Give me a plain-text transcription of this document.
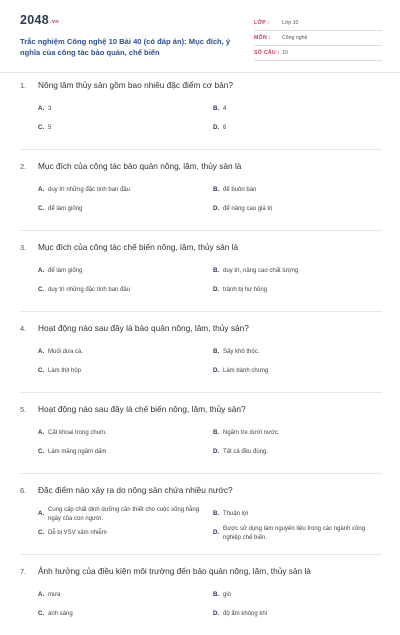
2048.vn
Trắc nghiệm Công nghệ 10 Bài 40 (có đáp án): Mục đích, ý nghĩa của công tác bảo quản, chế biến
LỚP :	Lớp 10
MÔN :	Công nghệ
SỐ CÂU : 10
1.	Nông lâm thủy sản gồm bao nhiêu đặc điểm cơ bản?
A. 3	B. 4
C. 5	D. 6
2.	Mục đích của công tác bảo quản nông, lâm, thủy sản là
A. duy trì những đặc tính ban đầu	B. để buôn bán
C. để làm giống	D. để nâng cao giá trị
3.	Mục đích của công tác chế biến nông, lâm, thủy sản là
A. để làm giống	B. duy trì, nâng cao chất lượng
C. duy trì những đặc tính ban đầu	D. tránh bị hư hỏng
4.	Hoạt động nào sau đây là bảo quản nông, lâm, thủy sản?
A. Muối dưa cà.	B. Sấy khô thóc.
C. Làm thịt hộp	D. Làm bánh chưng
5.	Hoạt động nào sau đây là chế biến nông, lâm, thủy sản?
A. Cất khoai trong chum.	B. Ngâm tre dưới nước.
C. Làm măng ngâm dấm	D. Tất cả đều đúng.
6.	Đặc điểm nào xảy ra do nông sản chứa nhiều nước?
A.
Cung cấp chất dinh dưỡng cần thiết cho cuộc sống hằng ngày của con người.
B. Thuận lợi
C. Dễ bị VSV xâm nhiễm	D.
Được sử dụng làm nguyên liệu trong các ngành công nghiệp chế biến.
7.	Ảnh hưởng của điều kiện môi trường đến bảo quản nông, lâm, thủy sản là
A. mưa	B. gió
C. ánh sáng	D. độ ẩm không khí
